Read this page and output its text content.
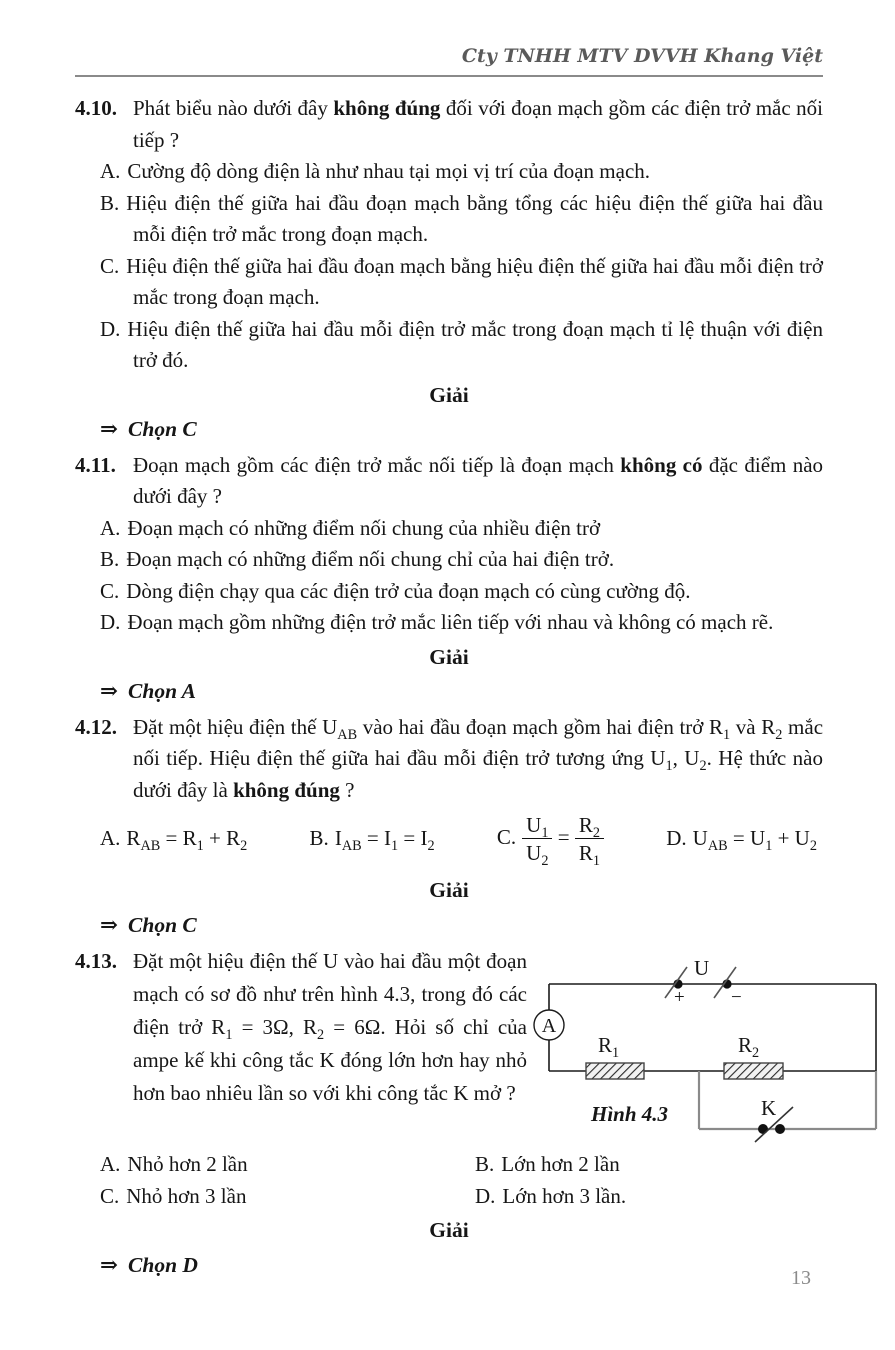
Cty TNHH MTV DVVH Khang Việt

4.10. Phát biểu nào dưới đây không đúng đối với đoạn mạch gồm các điện trở mắc nối tiếp ?

A. Cường độ dòng điện là như nhau tại mọi vị trí của đoạn mạch.

B. Hiệu điện thế giữa hai đầu đoạn mạch bằng tổng các hiệu điện thế giữa hai đầu mỗi điện trở mắc trong đoạn mạch.

C. Hiệu điện thế giữa hai đầu đoạn mạch bằng hiệu điện thế giữa hai đầu mỗi điện trở mắc trong đoạn mạch.

D. Hiệu điện thế giữa hai đầu mỗi điện trở mắc trong đoạn mạch tỉ lệ thuận với điện trở đó.

Giải

⇒ Chọn C

4.11. Đoạn mạch gồm các điện trở mắc nối tiếp là đoạn mạch không có đặc điểm nào dưới đây ?

A. Đoạn mạch có những điểm nối chung của nhiều điện trở

B. Đoạn mạch có những điểm nối chung chỉ của hai điện trở.

C. Dòng điện chạy qua các điện trở của đoạn mạch có cùng cường độ.

D. Đoạn mạch gồm những điện trở mắc liên tiếp với nhau và không có mạch rẽ.

Giải

⇒ Chọn A

4.12. Đặt một hiệu điện thế $U_{AB}$ vào hai đầu đoạn mạch gồm hai điện trở $R_1$ và $R_2$ mắc nối tiếp. Hiệu điện thế giữa hai đầu mỗi điện trở tương ứng $U_1$, $U_2$. Hệ thức nào dưới đây là không đúng ?

A. $R_{AB} = R_1 + R_2$	B. $I_{AB} = I_1 = I_2$	C. $\frac{U_1}{U_2} = \frac{R_2}{R_1}$	D. $U_{AB} = U_1 + U_2$

Giải

⇒ Chọn C

4.13. Đặt một hiệu điện thế U vào hai đầu một đoạn mạch có sơ đồ như trên hình 4.3, trong đó các điện trở $R_1 = 3\Omega$, $R_2 = 6\Omega$. Hỏi số chỉ của ampe kế khi công tắc K đóng lớn hơn hay nhỏ hơn bao nhiêu lần so với khi công tắc K mở ?

A
U
+ −
$R_1$	$R_2$
K
Hình 4.3
A. Nhỏ hơn 2 lần	B. Lớn hơn 2 lần
C. Nhỏ hơn 3 lần	D. Lớn hơn 3 lần.

Giải

⇒ Chọn D

13
